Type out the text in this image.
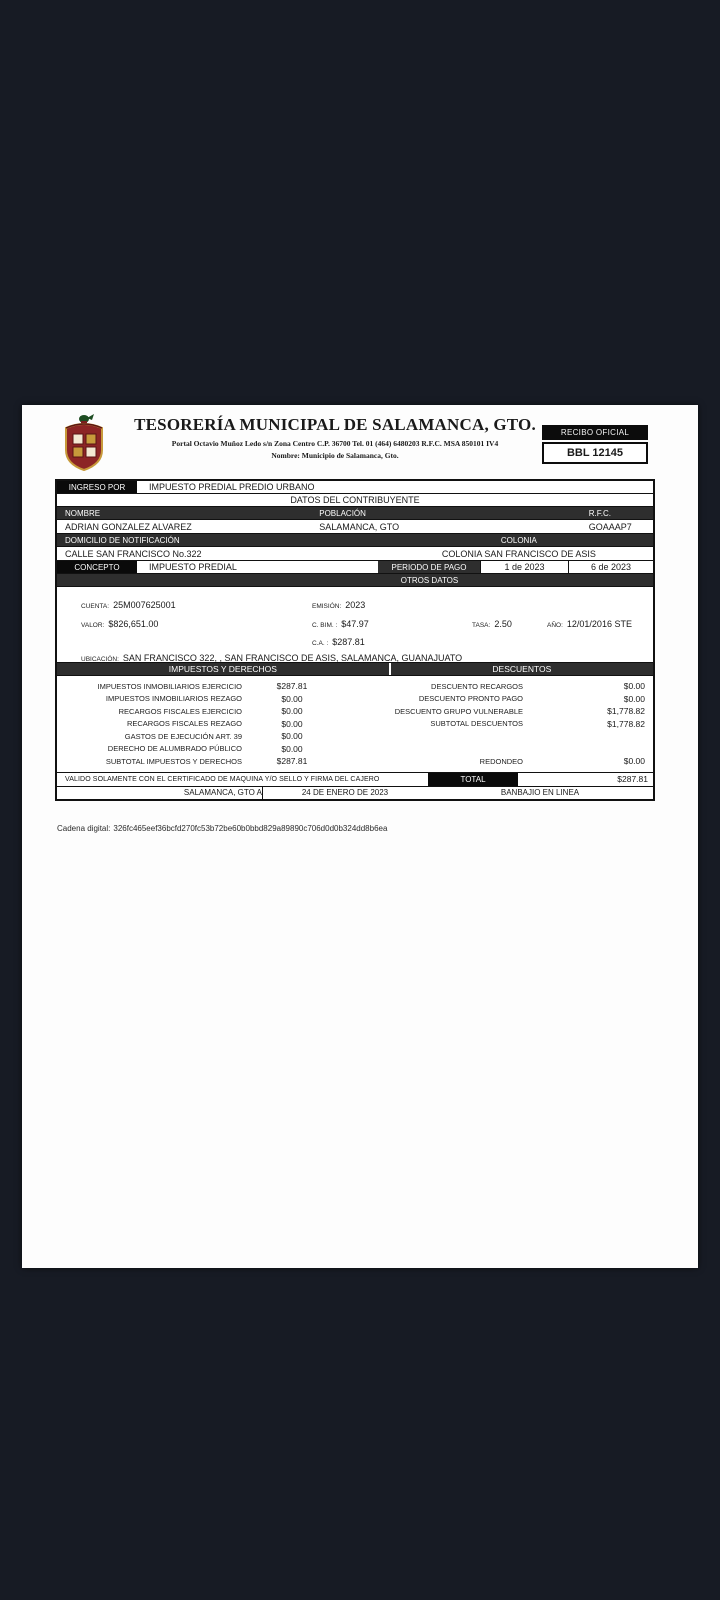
TESORERÍA MUNICIPAL DE SALAMANCA, GTO.
Portal Octavio Muñoz Ledo s/n Zona Centro C.P. 36700 Tel. 01 (464) 6480203 R.F.C. MSA 850101 IV4
Nombre: Municipio de Salamanca, Gto.
RECIBO OFICIAL
BBL 12145
INGRESO POR	IMPUESTO PREDIAL PREDIO URBANO
DATOS DEL CONTRIBUYENTE
NOMBRE	POBLACIÓN	R.F.C.
ADRIAN GONZALEZ ALVAREZ	SALAMANCA, GTO	GOAAAP7
DOMICILIO DE NOTIFICACIÓN	COLONIA
CALLE SAN FRANCISCO No.322	COLONIA SAN FRANCISCO DE ASIS
CONCEPTO	IMPUESTO PREDIAL	PERIODO DE PAGO	1 de 2023	6 de 2023
OTROS DATOS
CUENTA: 25M007625001	EMISIÓN: 2023
VALOR: $826,651.00	C. BIM. : $47.97	TASA: 2.50	AÑO: 12/01/2016 STE
C.A. : $287.81
UBICACIÓN: SAN FRANCISCO 322, , SAN FRANCISCO DE ASIS, SALAMANCA, GUANAJUATO
IMPUESTOS Y DERECHOS	DESCUENTOS
IMPUESTOS INMOBILIARIOS EJERCICIO	$287.81
IMPUESTOS INMOBILIARIOS REZAGO	$0.00
RECARGOS FISCALES EJERCICIO	$0.00
RECARGOS FISCALES REZAGO	$0.00
GASTOS DE EJECUCIÓN ART. 39	$0.00
DERECHO DE ALUMBRADO PÚBLICO	$0.00
SUBTOTAL IMPUESTOS Y DERECHOS	$287.81
DESCUENTO RECARGOS	$0.00
DESCUENTO PRONTO PAGO	$0.00
DESCUENTO GRUPO VULNERABLE	$1,778.82
SUBTOTAL DESCUENTOS	$1,778.82
REDONDEO	$0.00
VALIDO SOLAMENTE CON EL CERTIFICADO DE MAQUINA Y/O SELLO Y FIRMA DEL CAJERO	TOTAL	$287.81
SALAMANCA, GTO A	24 DE ENERO DE 2023	BANBAJIO EN LINEA
Cadena digital: 326fc465eef36bcfd270fc53b72be60b0bbd829a89890c706d0d0b324dd8b6ea
